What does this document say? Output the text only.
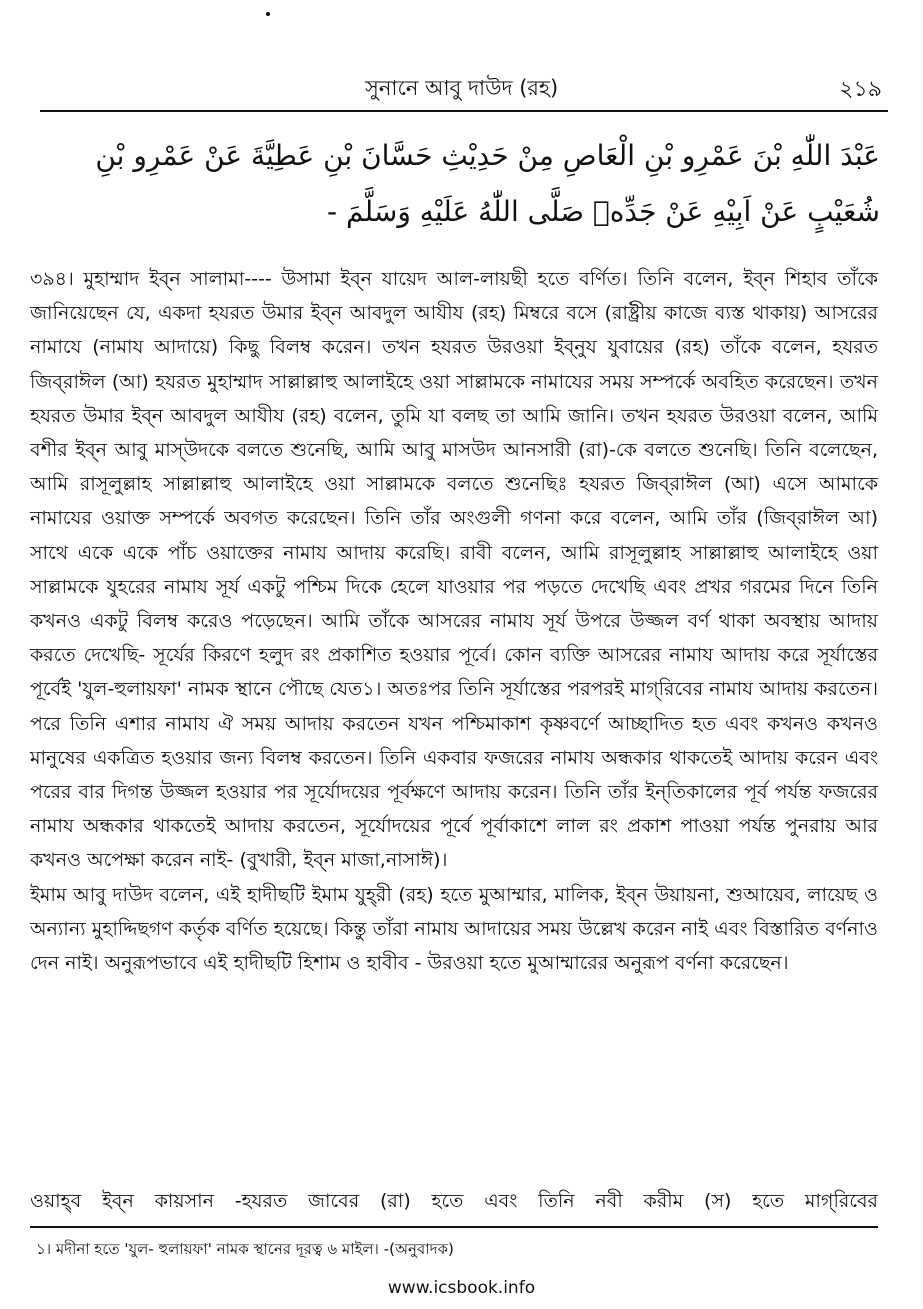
সুনানে আবু দাউদ (রহ)	২১৯
عَبْدَ اللّٰهِ بْنَ عَمْرِو بْنِ الْعَاصِ مِنْ حَدِيْثِ حَسَّانَ بْنِ عَطِيَّةَ عَنْ عَمْرِو بْنِ شُعَيْبٍ عَنْ اَبِيْهِ عَنْ جَدِّهٖ صَلَّى اللّٰهُ عَلَيْهِ وَسَلَّمَ -

৩৯৪। মুহাম্মাদ ইব্‌ন সালামা---- উসামা ইব্‌ন যায়েদ আল-লায়ছী হতে বর্ণিত। তিনি বলেন, ইব্‌ন শিহাব তাঁকে জানিয়েছেন যে, একদা হযরত উমার ইব্‌ন আবদুল আযীয (রহ) মিম্বরে বসে (রাষ্ট্রীয় কাজে ব্যস্ত থাকায়) আসরের নামাযে (নামায আদায়ে) কিছু বিলম্ব করেন। তখন হযরত উরওয়া ইব্‌নুয যুবায়ের (রহ) তাঁকে বলেন, হযরত জিব্‌রাঈল (আ) হযরত মুহাম্মাদ সাল্লাল্লাহু আলাইহে ওয়া সাল্লামকে নামাযের সময় সম্পর্কে অবহিত করেছেন। তখন হযরত উমার ইব্‌ন আবদুল আযীয (রহ) বলেন, তুমি যা বলছ তা আমি জানি। তখন হযরত উরওয়া বলেন, আমি বশীর ইব্‌ন আবু মাস্‌উদকে বলতে শুনেছি, আমি আবু মাসউদ আনসারী (রা)-কে বলতে শুনেছি। তিনি বলেছেন, আমি রাসূলুল্লাহ সাল্লাল্লাহু আলাইহে ওয়া সাল্লামকে বলতে শুনেছিঃ হযরত জিব্‌রাঈল (আ) এসে আমাকে নামাযের ওয়াক্ত সম্পর্কে অবগত করেছেন। তিনি তাঁর অংগুলী গণনা করে বলেন, আমি তাঁর (জিব্‌রাঈল আ) সাথে একে একে পাঁচ ওয়াক্তের নামায আদায় করেছি। রাবী বলেন, আমি রাসূলুল্লাহ সাল্লাল্লাহু আলাইহে ওয়া সাল্লামকে যুহরের নামায সূর্য একটু পশ্চিম দিকে হেলে যাওয়ার পর পড়তে দেখেছি এবং প্রখর গরমের দিনে তিনি কখনও একটু বিলম্ব করেও পড়েছেন। আমি তাঁকে আসরের নামায সূর্য উপরে উজ্জল বর্ণ থাকা অবস্থায় আদায় করতে দেখেছি- সূর্যের কিরণে হলুদ রং প্রকাশিত হওয়ার পূর্বে। কোন ব্যক্তি আসরের নামায আদায় করে সূর্যাস্তের পূর্বেই 'যুল-হুলায়ফা' নামক স্থানে পৌছে যেত১। অতঃপর তিনি সূর্যাস্তের পরপরই মাগ্‌রিবের নামায আদায় করতেন। পরে তিনি এশার নামায ঐ সময় আদায় করতেন যখন পশ্চিমাকাশ কৃষ্ণবর্ণে আচ্ছাদিত হত এবং কখনও কখনও মানুষের একত্রিত হওয়ার জন্য বিলম্ব করতেন। তিনি একবার ফজরের নামায অন্ধকার থাকতেই আদায় করেন এবং পরের বার দিগন্ত উজ্জল হওয়ার পর সূর্যোদয়ের পূর্বক্ষণে আদায় করেন। তিনি তাঁর ইন্‌তিকালের পূর্ব পর্যন্ত ফজরের নামায অন্ধকার থাকতেই আদায় করতেন, সূর্যোদয়ের পূর্বে পূর্বাকাশে লাল রং প্রকাশ পাওয়া পর্যন্ত পুনরায় আর কখনও অপেক্ষা করেন নাই- (বুখারী, ইব্‌ন মাজা,নাসাঈ)।

ইমাম আবু দাউদ বলেন, এই হাদীছটি ইমাম যুহ্‌রী (রহ) হতে মুআম্মার, মালিক, ইব্‌ন উয়ায়না, শুআয়েব, লায়েছ ও অন্যান্য মুহাদ্দিছগণ কর্তৃক বর্ণিত হয়েছে। কিন্তু তাঁরা নামায আদায়ের সময় উল্লেখ করেন নাই এবং বিস্তারিত বর্ণনাও দেন নাই। অনুরূপভাবে এই হাদীছটি হিশাম ও হাবীব - উরওয়া হতে মুআম্মারের অনুরূপ বর্ণনা করেছেন।

ওয়াহ্‌ব ইব্‌ন কায়সান -হযরত জাবের (রা) হতে এবং তিনি নবী করীম (স) হতে মাগ্‌রিবের
১। মদীনা হতে 'যুল- হুলায়ফা' নামক স্থানের দূরত্ব ৬ মাইল। -(অনুবাদক)
www.icsbook.info
